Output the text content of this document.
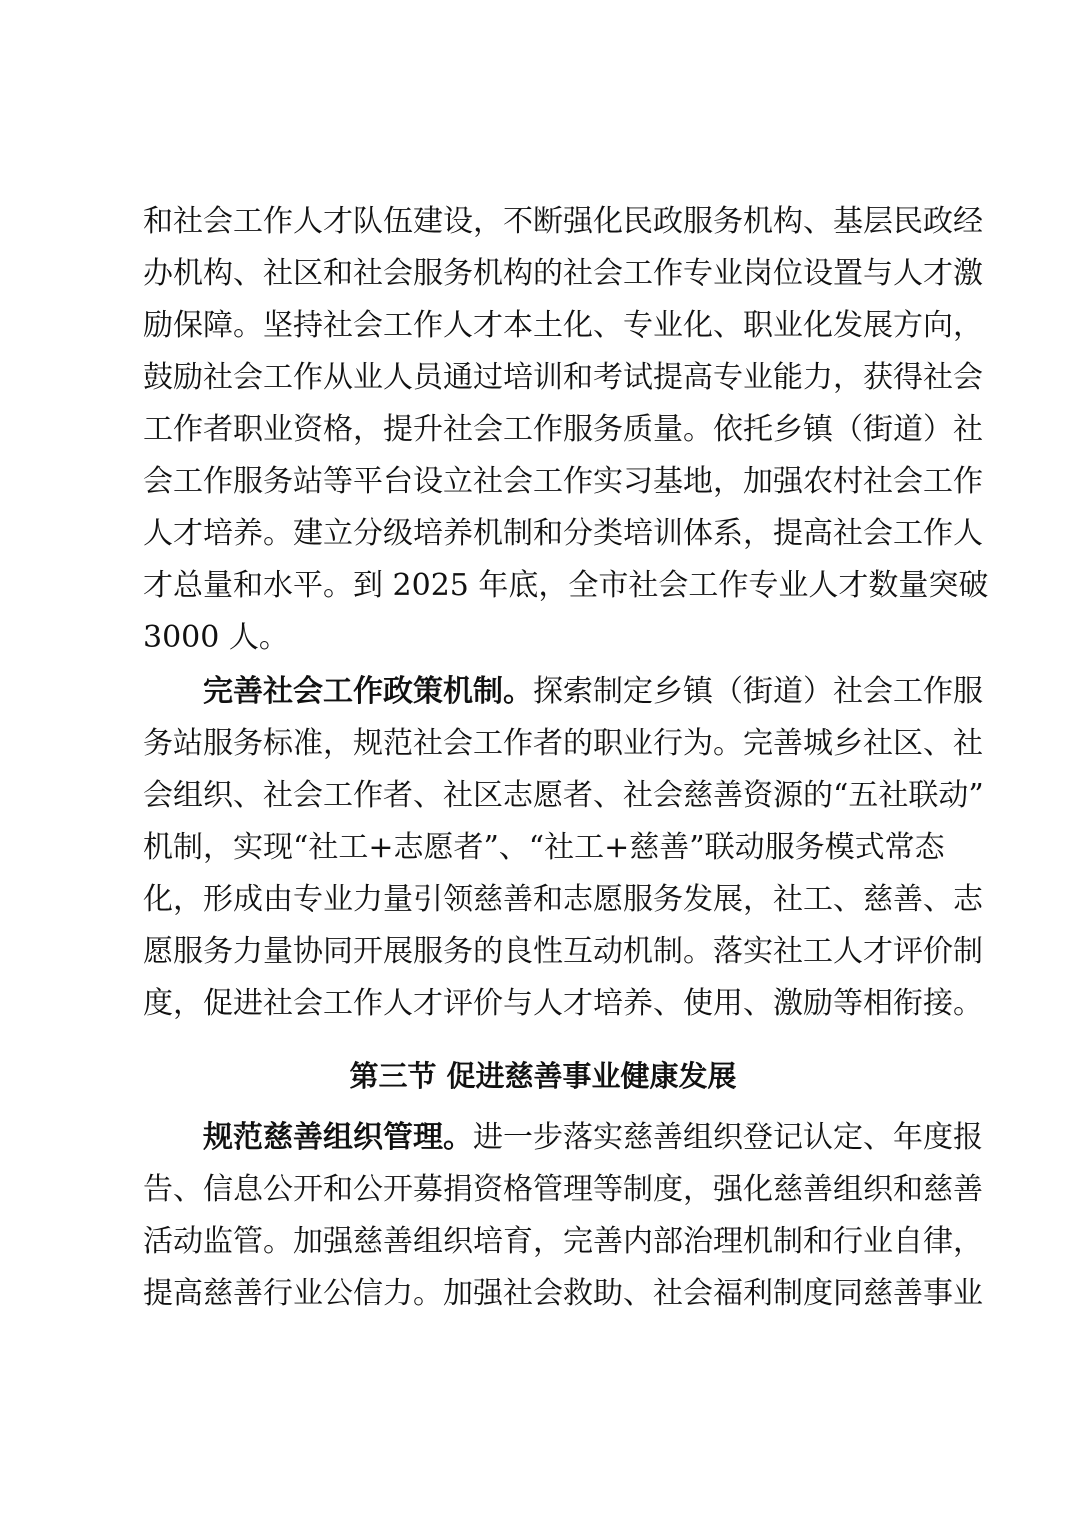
和社会工作人才队伍建设，不断强化民政服务机构、基层民政经
办机构、社区和社会服务机构的社会工作专业岗位设置与人才激
励保障。坚持社会工作人才本土化、专业化、职业化发展方向，
鼓励社会工作从业人员通过培训和考试提高专业能力，获得社会
工作者职业资格，提升社会工作服务质量。依托乡镇（街道）社
会工作服务站等平台设立社会工作实习基地，加强农村社会工作
人才培养。建立分级培养机制和分类培训体系，提高社会工作人
才总量和水平。到 2025 年底，全市社会工作专业人才数量突破
3000 人。
完善社会工作政策机制。探索制定乡镇（街道）社会工作服
务站服务标准，规范社会工作者的职业行为。完善城乡社区、社
会组织、社会工作者、社区志愿者、社会慈善资源的“五社联动”
机制，实现“社工+志愿者”、“社工+慈善”联动服务模式常态
化，形成由专业力量引领慈善和志愿服务发展，社工、慈善、志
愿服务力量协同开展服务的良性互动机制。落实社工人才评价制
度，促进社会工作人才评价与人才培养、使用、激励等相衔接。
第三节 促进慈善事业健康发展
规范慈善组织管理。进一步落实慈善组织登记认定、年度报
告、信息公开和公开募捐资格管理等制度，强化慈善组织和慈善
活动监管。加强慈善组织培育，完善内部治理机制和行业自律，
提高慈善行业公信力。加强社会救助、社会福利制度同慈善事业
